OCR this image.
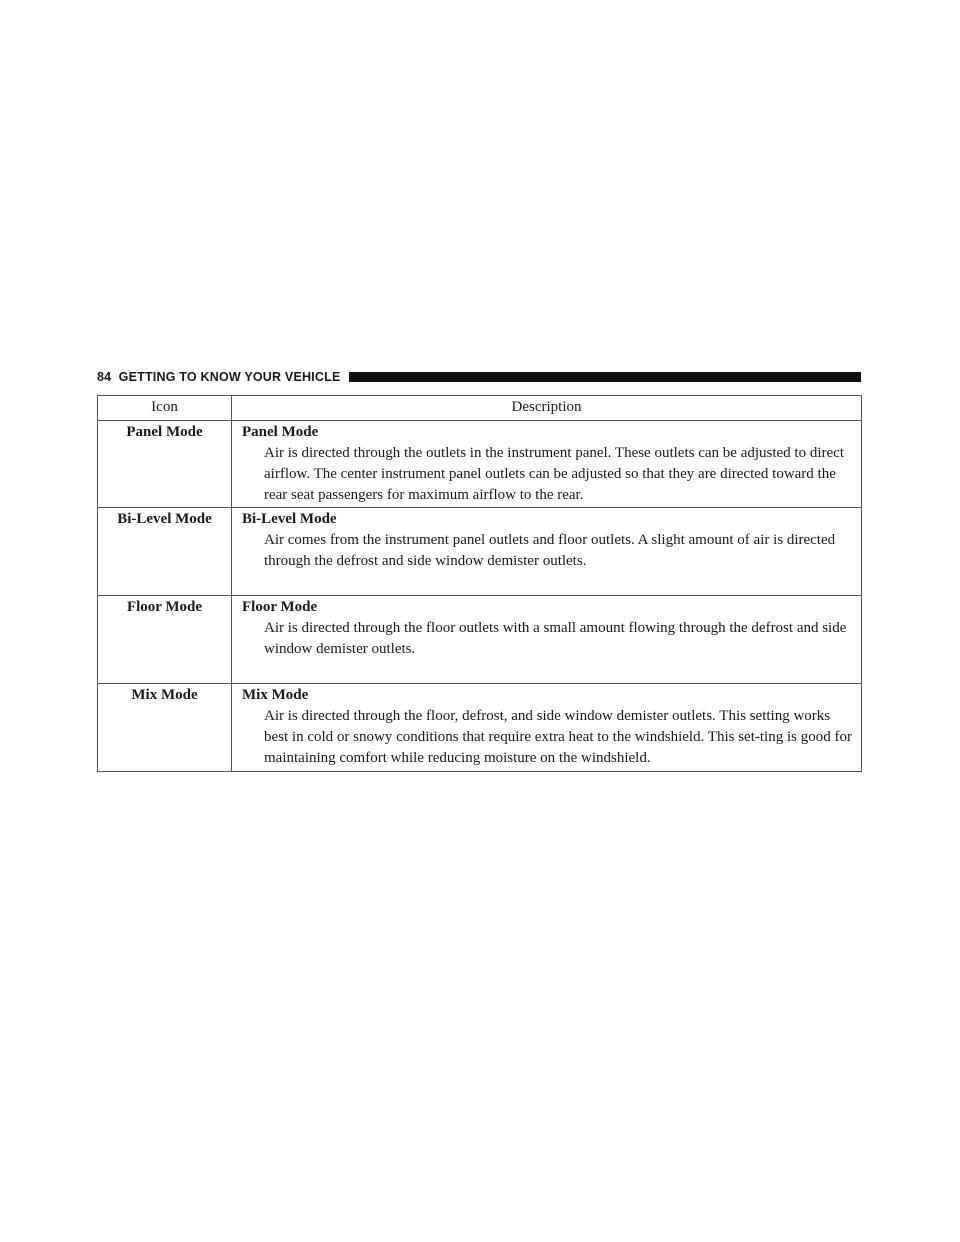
84 GETTING TO KNOW YOUR VEHICLE
Icon	Description
Panel Mode	Panel Mode
Air is directed through the outlets in the instrument panel. These outlets can be adjusted to direct airflow. The center instrument panel outlets can be adjusted so that they are directed toward the rear seat passengers for maximum airflow to the rear.

Bi-Level Mode	Bi-Level Mode
Air comes from the instrument panel outlets and floor outlets. A slight amount of air is directed through the defrost and side window demister outlets.

Floor Mode	Floor Mode
Air is directed through the floor outlets with a small amount flowing through the defrost and side window demister outlets.

Mix Mode	Mix Mode
Air is directed through the floor, defrost, and side window demister outlets. This setting works best in cold or snowy conditions that require extra heat to the windshield. This set-ting is good for maintaining comfort while reducing moisture on the windshield.
